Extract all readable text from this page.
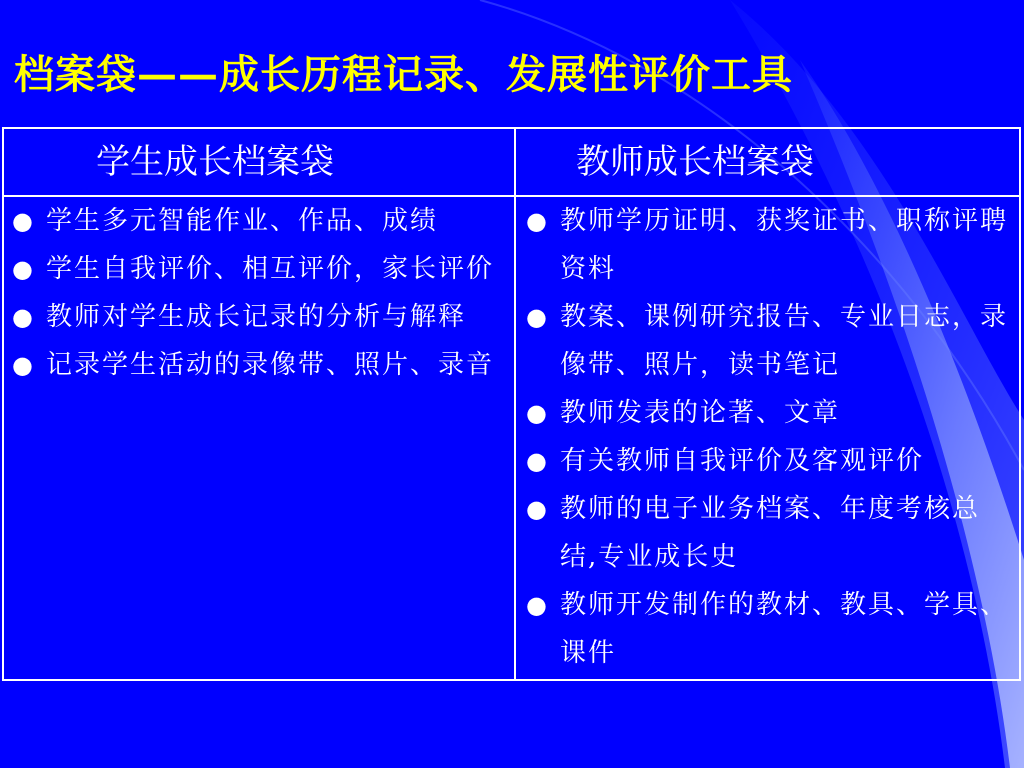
档案袋——成长历程记录、发展性评价工具
学生成长档案袋	教师成长档案袋
● 学生多元智能作业、作品、成绩
● 学生自我评价、相互评价，家长评价
● 教师对学生成长记录的分析与解释
● 记录学生活动的录像带、照片、录音
● 教师学历证明、获奖证书、职称评聘资料
● 教案、课例研究报告、专业日志，录像带、照片，读书笔记
● 教师发表的论著、文章
● 有关教师自我评价及客观评价
● 教师的电子业务档案、年度考核总结,专业成长史
● 教师开发制作的教材、教具、学具、课件
